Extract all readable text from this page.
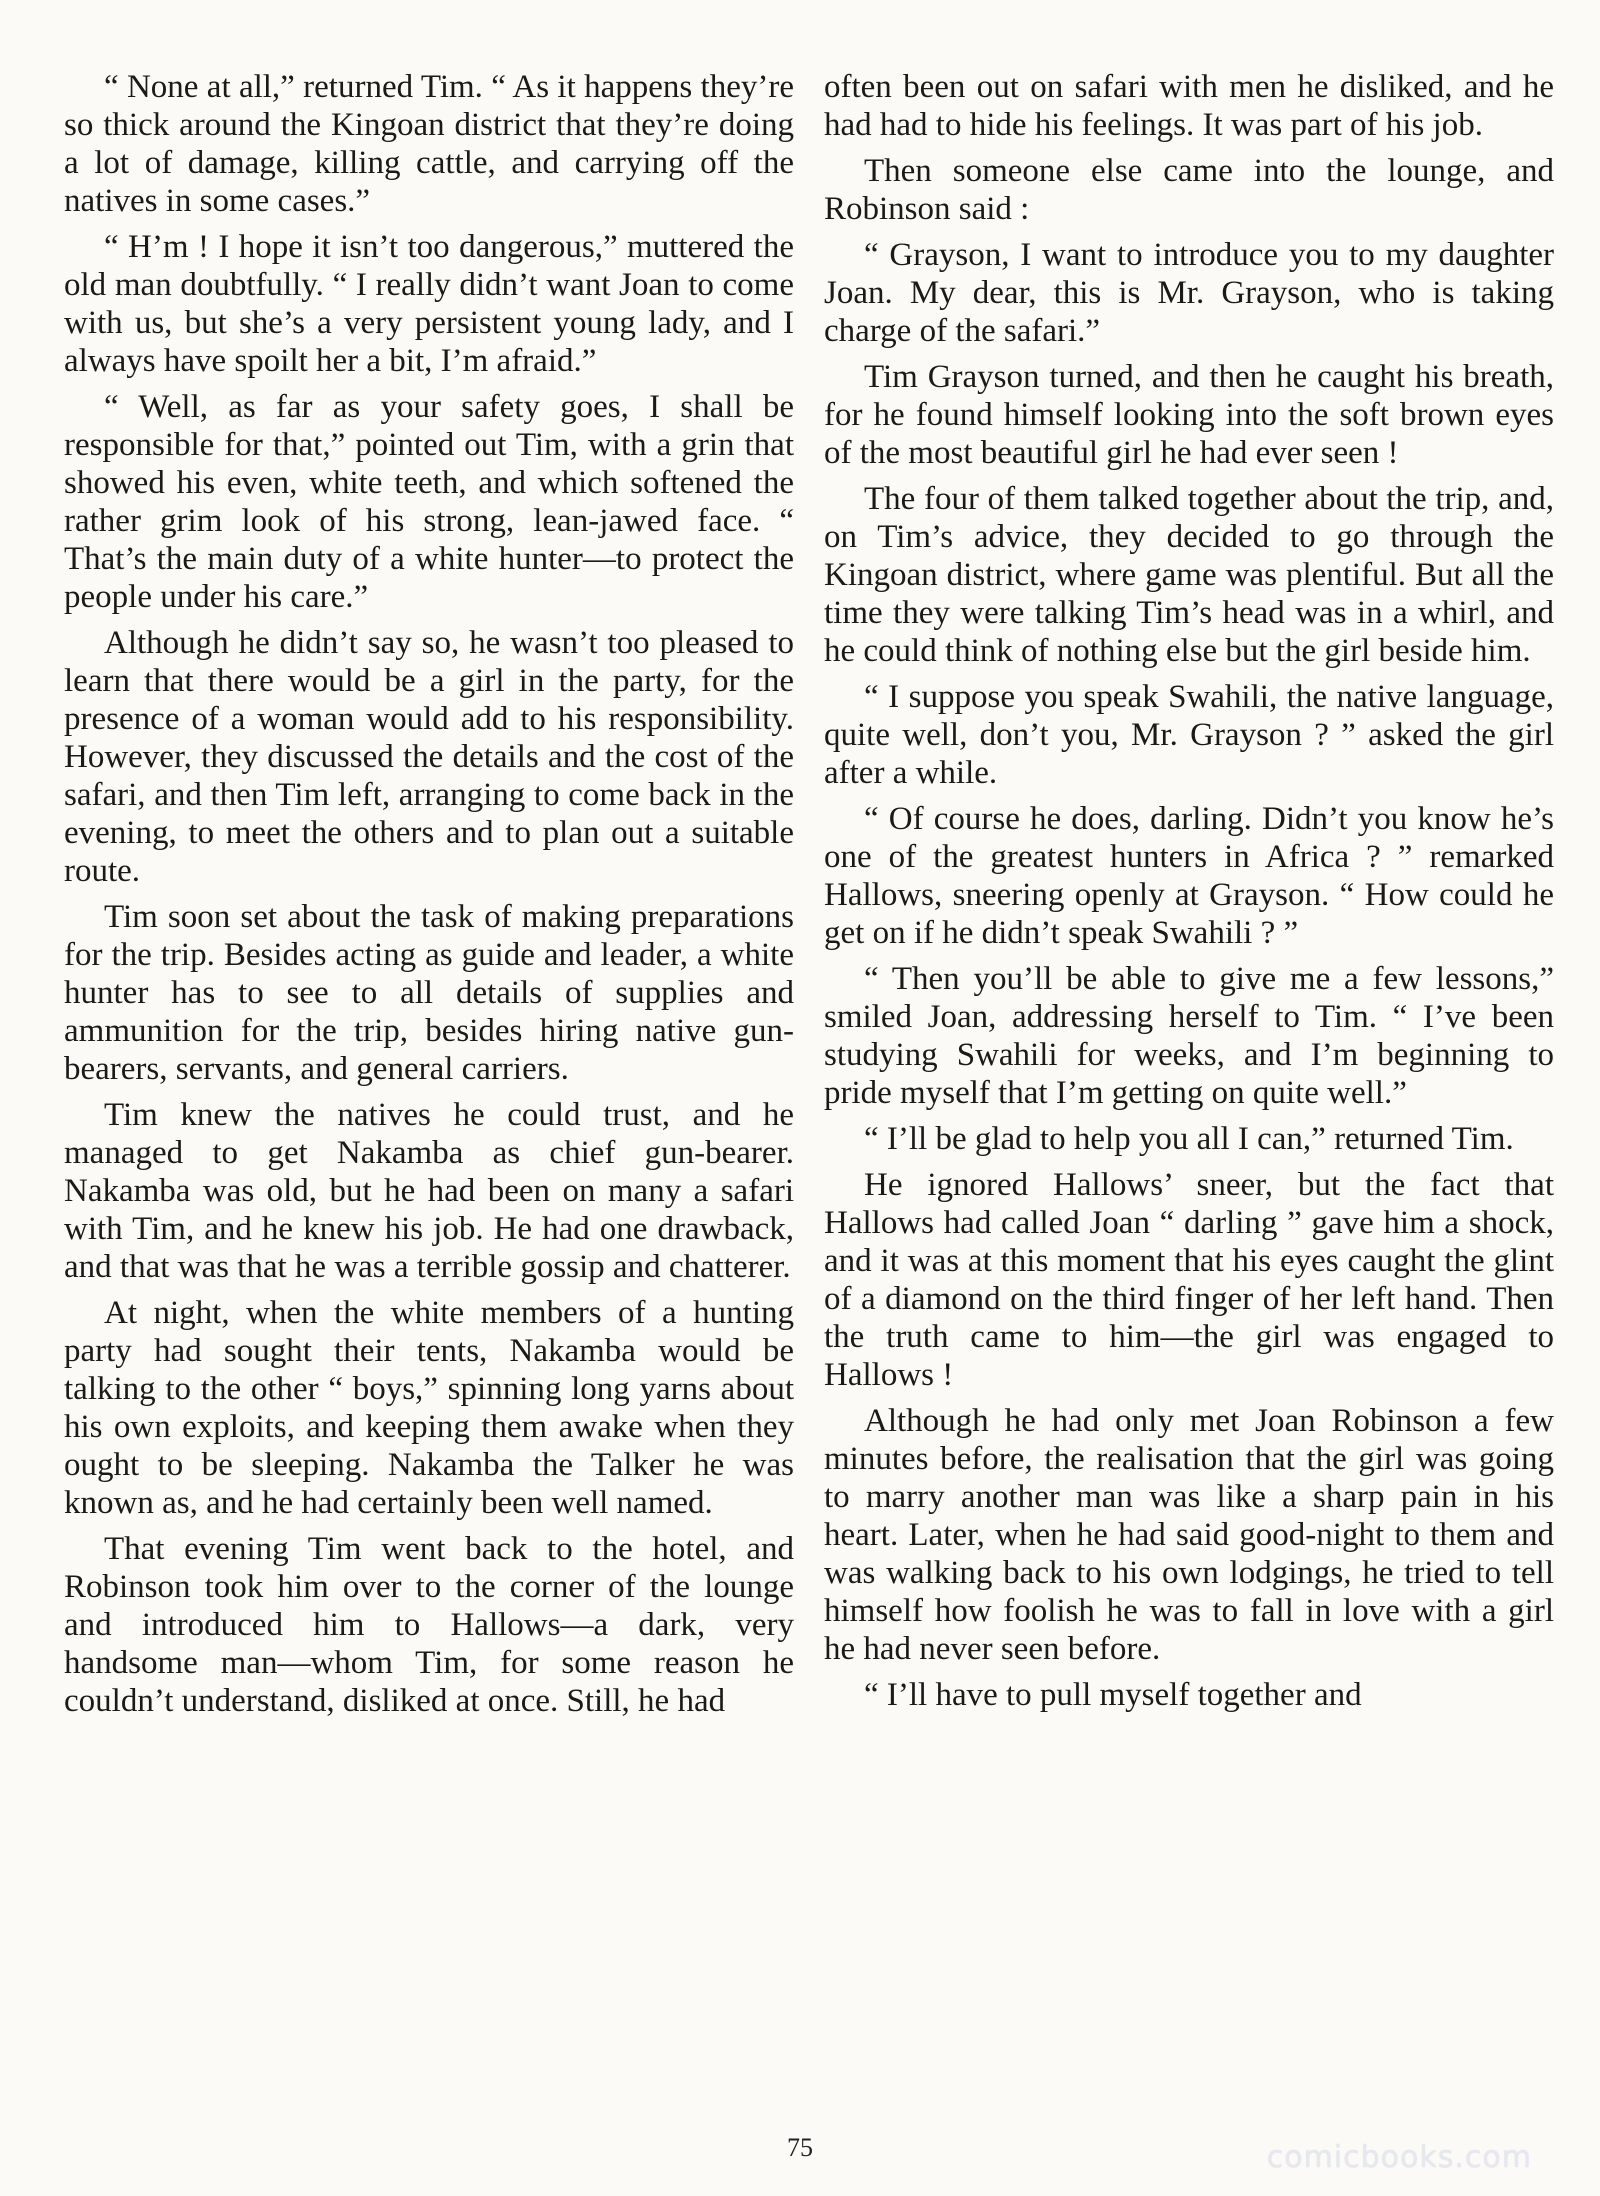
“ None at all,” returned Tim. “ As it happens they’re so thick around the Kingoan district that they’re doing a lot of damage, killing cattle, and carrying off the natives in some cases.”

“ H’m ! I hope it isn’t too dangerous,” muttered the old man doubtfully. “ I really didn’t want Joan to come with us, but she’s a very persistent young lady, and I always have spoilt her a bit, I’m afraid.”

“ Well, as far as your safety goes, I shall be responsible for that,” pointed out Tim, with a grin that showed his even, white teeth, and which softened the rather grim look of his strong, lean-jawed face. “ That’s the main duty of a white hunter—to protect the people under his care.”

Although he didn’t say so, he wasn’t too pleased to learn that there would be a girl in the party, for the presence of a woman would add to his responsibility. However, they discussed the details and the cost of the safari, and then Tim left, arranging to come back in the evening, to meet the others and to plan out a suitable route.

Tim soon set about the task of making preparations for the trip. Besides acting as guide and leader, a white hunter has to see to all details of supplies and ammunition for the trip, besides hiring native gun-bearers, servants, and general carriers.

Tim knew the natives he could trust, and he managed to get Nakamba as chief gun-bearer. Nakamba was old, but he had been on many a safari with Tim, and he knew his job. He had one drawback, and that was that he was a terrible gossip and chatterer.

At night, when the white members of a hunting party had sought their tents, Nakamba would be talking to the other “ boys,” spinning long yarns about his own exploits, and keeping them awake when they ought to be sleeping. Nakamba the Talker he was known as, and he had certainly been well named.

That evening Tim went back to the hotel, and Robinson took him over to the corner of the lounge and introduced him to Hallows—a dark, very handsome man—whom Tim, for some reason he couldn’t understand, disliked at once. Still, he had

often been out on safari with men he disliked, and he had had to hide his feelings. It was part of his job.

Then someone else came into the lounge, and Robinson said :

“ Grayson, I want to introduce you to my daughter Joan. My dear, this is Mr. Grayson, who is taking charge of the safari.”

Tim Grayson turned, and then he caught his breath, for he found himself looking into the soft brown eyes of the most beautiful girl he had ever seen !

The four of them talked together about the trip, and, on Tim’s advice, they decided to go through the Kingoan district, where game was plentiful. But all the time they were talking Tim’s head was in a whirl, and he could think of nothing else but the girl beside him.

“ I suppose you speak Swahili, the native language, quite well, don’t you, Mr. Grayson ? ” asked the girl after a while.

“ Of course he does, darling. Didn’t you know he’s one of the greatest hunters in Africa ? ” remarked Hallows, sneering openly at Grayson. “ How could he get on if he didn’t speak Swahili ? ”

“ Then you’ll be able to give me a few lessons,” smiled Joan, addressing herself to Tim. “ I’ve been studying Swahili for weeks, and I’m beginning to pride myself that I’m getting on quite well.”

“ I’ll be glad to help you all I can,” returned Tim.

He ignored Hallows’ sneer, but the fact that Hallows had called Joan “ darling ” gave him a shock, and it was at this moment that his eyes caught the glint of a diamond on the third finger of her left hand. Then the truth came to him—the girl was engaged to Hallows !

Although he had only met Joan Robinson a few minutes before, the realisation that the girl was going to marry another man was like a sharp pain in his heart. Later, when he had said good-night to them and was walking back to his own lodgings, he tried to tell himself how foolish he was to fall in love with a girl he had never seen before.

“ I’ll have to pull myself together and

75	comicbooks.com
